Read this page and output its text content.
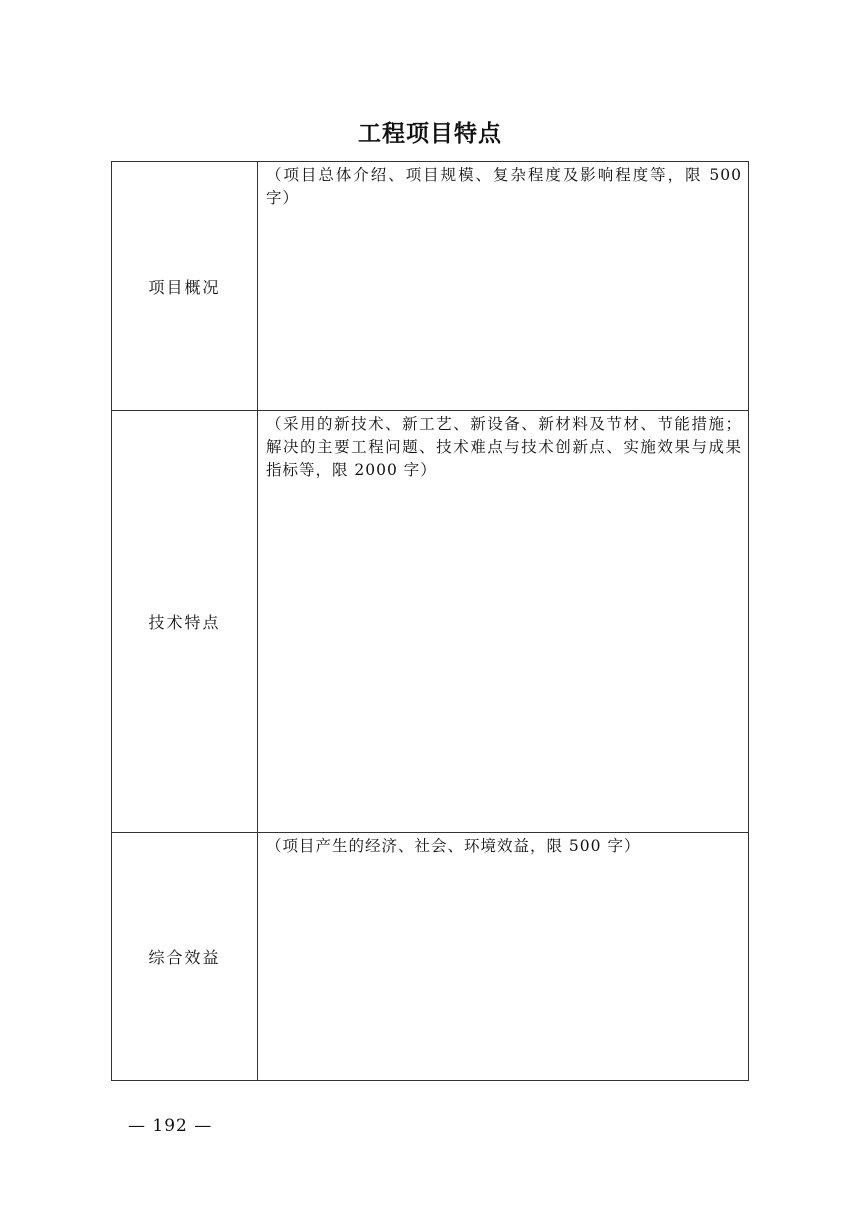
工程项目特点
项目概况	（项目总体介绍、项目规模、复杂程度及影响程度等，限 500 字）
技术特点	（采用的新技术、新工艺、新设备、新材料及节材、节能措施；解决的主要工程问题、技术难点与技术创新点、实施效果与成果指标等，限 2000 字）
综合效益	（项目产生的经济、社会、环境效益，限 500 字）
— 192 —
